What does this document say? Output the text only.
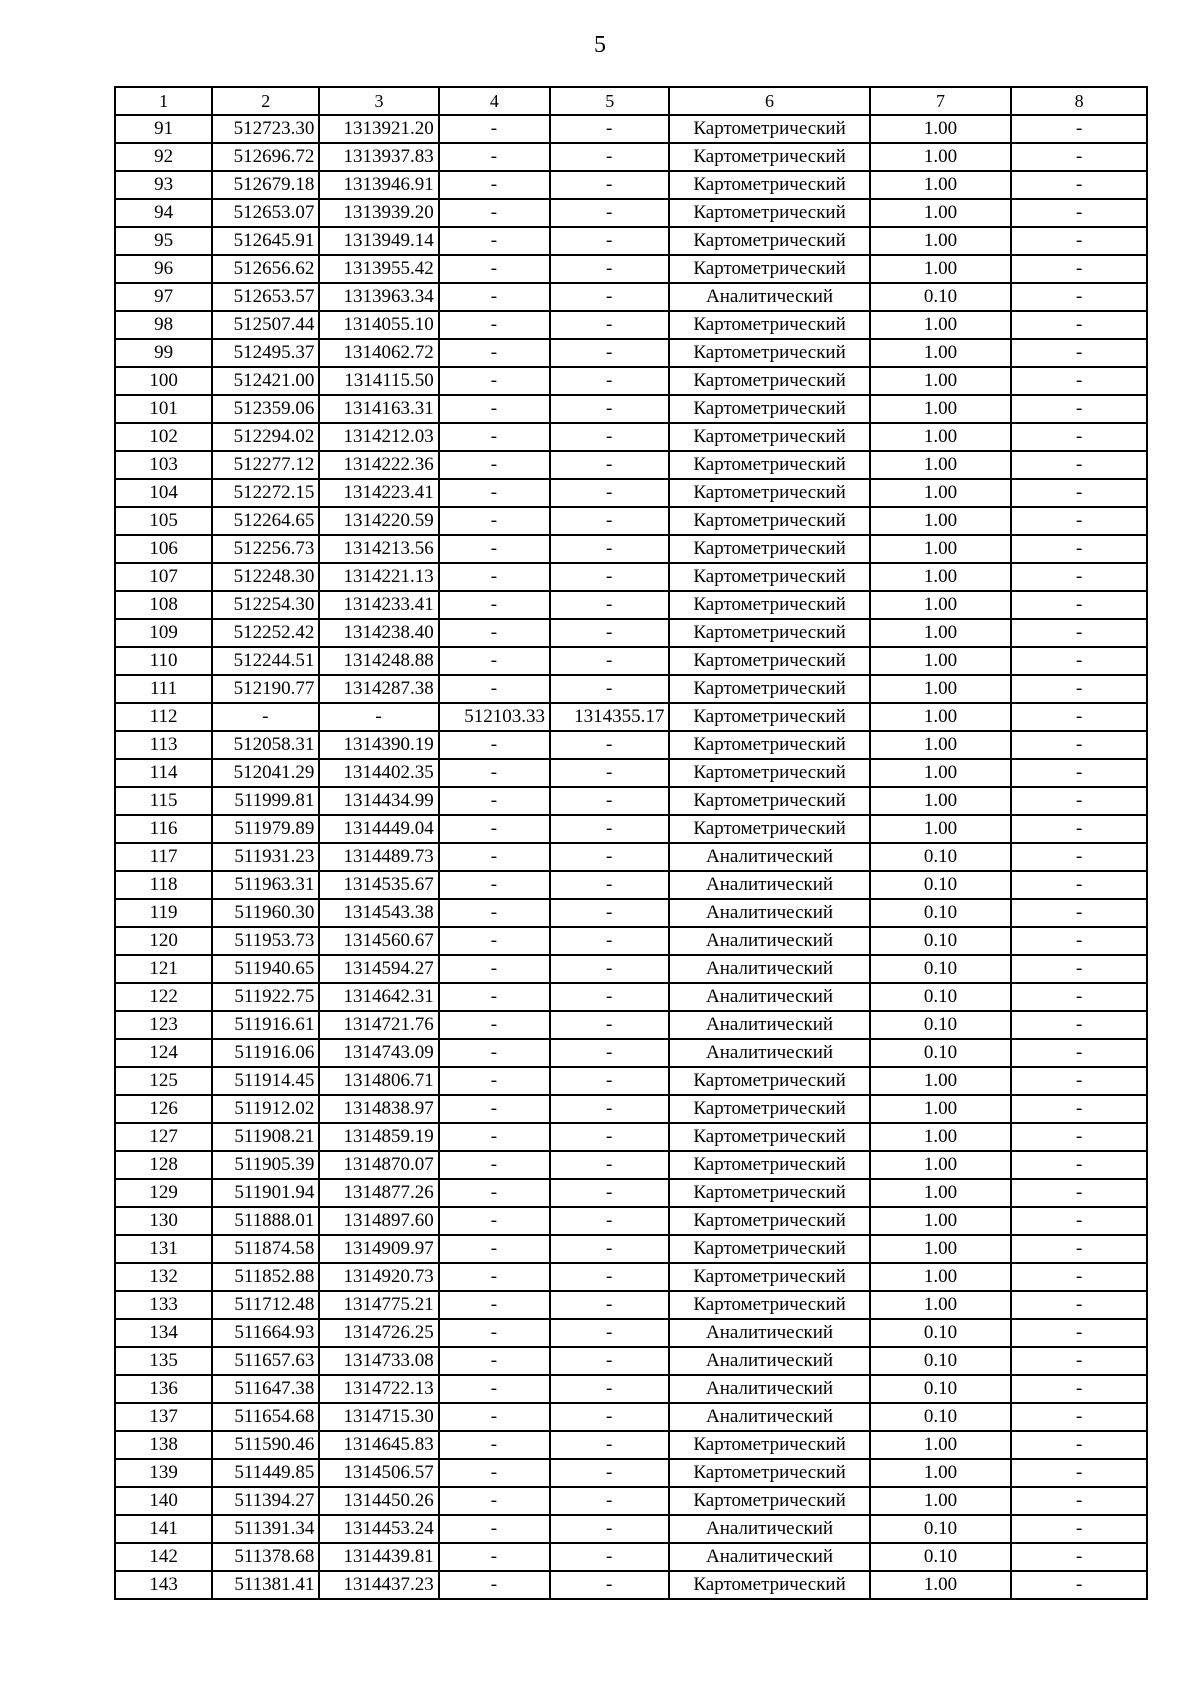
5
1	2	3	4	5	6	7	8
91	512723.30	1313921.20	-	-	Картометрический	1.00	-
92	512696.72	1313937.83	-	-	Картометрический	1.00	-
93	512679.18	1313946.91	-	-	Картометрический	1.00	-
94	512653.07	1313939.20	-	-	Картометрический	1.00	-
95	512645.91	1313949.14	-	-	Картометрический	1.00	-
96	512656.62	1313955.42	-	-	Картометрический	1.00	-
97	512653.57	1313963.34	-	-	Аналитический	0.10	-
98	512507.44	1314055.10	-	-	Картометрический	1.00	-
99	512495.37	1314062.72	-	-	Картометрический	1.00	-
100	512421.00	1314115.50	-	-	Картометрический	1.00	-
101	512359.06	1314163.31	-	-	Картометрический	1.00	-
102	512294.02	1314212.03	-	-	Картометрический	1.00	-
103	512277.12	1314222.36	-	-	Картометрический	1.00	-
104	512272.15	1314223.41	-	-	Картометрический	1.00	-
105	512264.65	1314220.59	-	-	Картометрический	1.00	-
106	512256.73	1314213.56	-	-	Картометрический	1.00	-
107	512248.30	1314221.13	-	-	Картометрический	1.00	-
108	512254.30	1314233.41	-	-	Картометрический	1.00	-
109	512252.42	1314238.40	-	-	Картометрический	1.00	-
110	512244.51	1314248.88	-	-	Картометрический	1.00	-
111	512190.77	1314287.38	-	-	Картометрический	1.00	-
112	-	-	512103.33	1314355.17	Картометрический	1.00	-
113	512058.31	1314390.19	-	-	Картометрический	1.00	-
114	512041.29	1314402.35	-	-	Картометрический	1.00	-
115	511999.81	1314434.99	-	-	Картометрический	1.00	-
116	511979.89	1314449.04	-	-	Картометрический	1.00	-
117	511931.23	1314489.73	-	-	Аналитический	0.10	-
118	511963.31	1314535.67	-	-	Аналитический	0.10	-
119	511960.30	1314543.38	-	-	Аналитический	0.10	-
120	511953.73	1314560.67	-	-	Аналитический	0.10	-
121	511940.65	1314594.27	-	-	Аналитический	0.10	-
122	511922.75	1314642.31	-	-	Аналитический	0.10	-
123	511916.61	1314721.76	-	-	Аналитический	0.10	-
124	511916.06	1314743.09	-	-	Аналитический	0.10	-
125	511914.45	1314806.71	-	-	Картометрический	1.00	-
126	511912.02	1314838.97	-	-	Картометрический	1.00	-
127	511908.21	1314859.19	-	-	Картометрический	1.00	-
128	511905.39	1314870.07	-	-	Картометрический	1.00	-
129	511901.94	1314877.26	-	-	Картометрический	1.00	-
130	511888.01	1314897.60	-	-	Картометрический	1.00	-
131	511874.58	1314909.97	-	-	Картометрический	1.00	-
132	511852.88	1314920.73	-	-	Картометрический	1.00	-
133	511712.48	1314775.21	-	-	Картометрический	1.00	-
134	511664.93	1314726.25	-	-	Аналитический	0.10	-
135	511657.63	1314733.08	-	-	Аналитический	0.10	-
136	511647.38	1314722.13	-	-	Аналитический	0.10	-
137	511654.68	1314715.30	-	-	Аналитический	0.10	-
138	511590.46	1314645.83	-	-	Картометрический	1.00	-
139	511449.85	1314506.57	-	-	Картометрический	1.00	-
140	511394.27	1314450.26	-	-	Картометрический	1.00	-
141	511391.34	1314453.24	-	-	Аналитический	0.10	-
142	511378.68	1314439.81	-	-	Аналитический	0.10	-
143	511381.41	1314437.23	-	-	Картометрический	1.00	-
